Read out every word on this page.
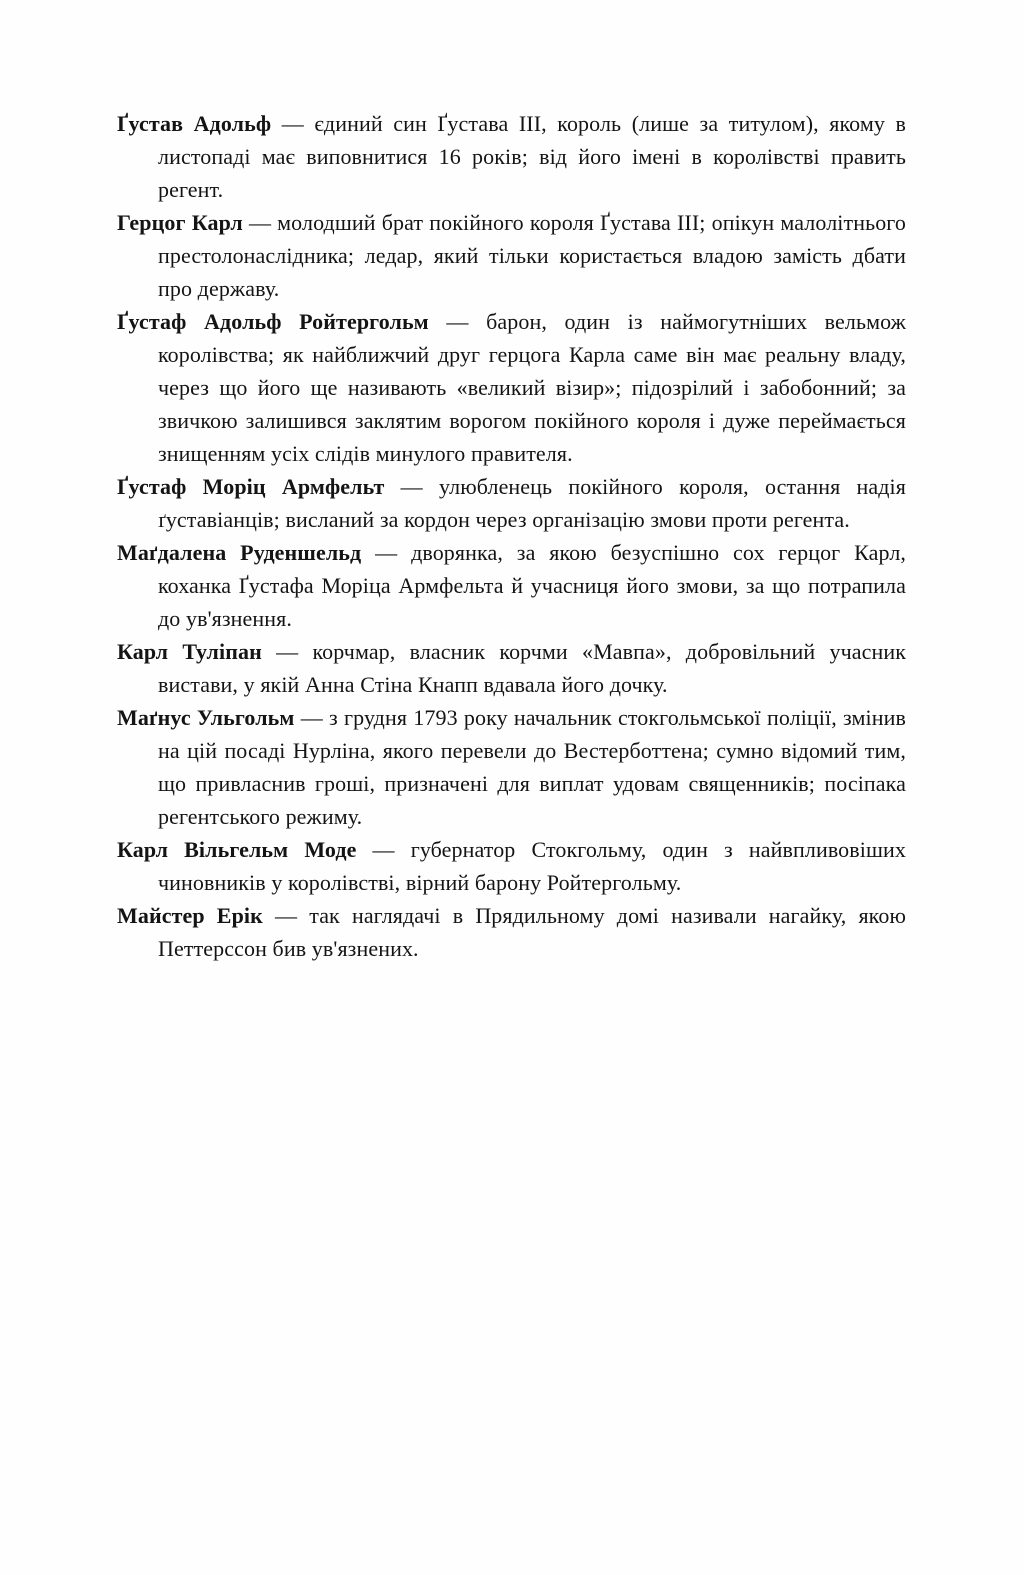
Ґустав Адольф — єдиний син Ґустава III, король (лише за титулом), якому в листопаді має виповнитися 16 років; від його імені в королівстві править регент.

Герцог Карл — молодший брат покійного короля Ґустава III; опікун малолітнього престолонаслідника; ледар, який тільки користається владою замість дбати про державу.

Ґустаф Адольф Ройтергольм — барон, один із наймогутніших вельмож королівства; як найближчий друг герцога Карла саме він має реальну владу, через що його ще називають «великий візир»; підозрілий і забобонний; за звичкою залишився заклятим ворогом покійного короля і дуже переймається знищенням усіх слідів минулого правителя.

Ґустаф Моріц Армфельт — улюбленець покійного короля, остання надія ґуставіанців; висланий за кордон через організацію змови проти регента.

Маґдалена Руденшельд — дворянка, за якою безуспішно сох герцог Карл, коханка Ґустафа Моріца Армфельта й учасниця його змови, за що потрапила до ув'язнення.

Карл Туліпан — корчмар, власник корчми «Мавпа», добровільний учасник вистави, у якій Анна Стіна Кнапп вдавала його дочку.

Маґнус Ульгольм — з грудня 1793 року начальник стокгольмської поліції, змінив на цій посаді Нурліна, якого перевели до Вестерботтена; сумно відомий тим, що привласнив гроші, призначені для виплат удовам священників; посіпака регентського режиму.

Карл Вільгельм Моде — губернатор Стокгольму, один з найвпливовіших чиновників у королівстві, вірний барону Ройтергольму.

Майстер Ерік — так наглядачі в Прядильному домі називали нагайку, якою Петтерссон бив ув'язнених.
